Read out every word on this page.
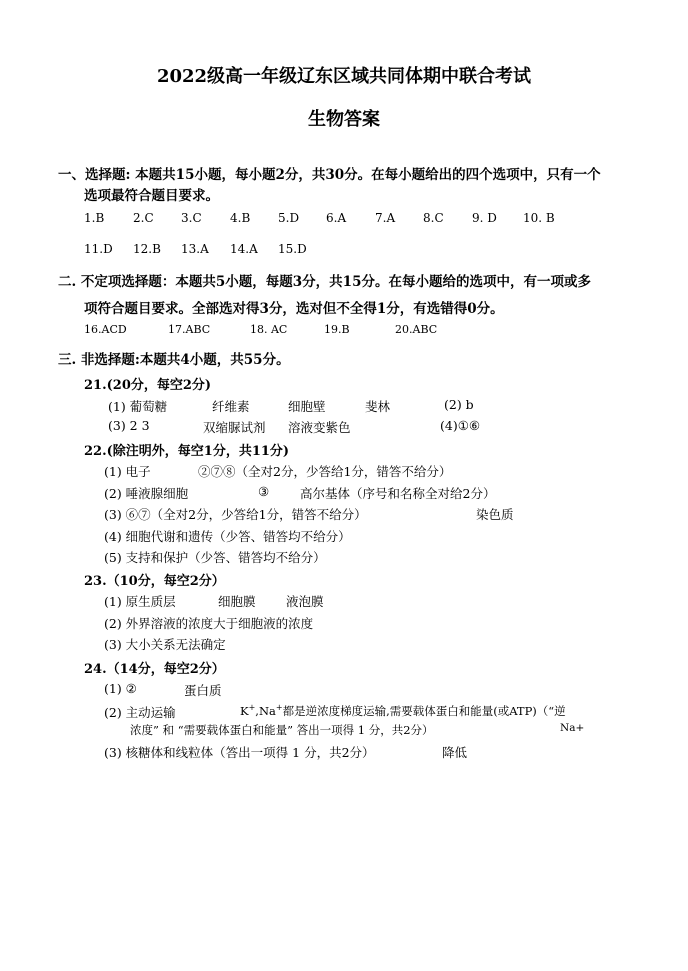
2022级高一年级辽东区域共同体期中联合考试
生物答案
一、选择题: 本题共15小题，每小题2分，共30分。在每小题给出的四个选项中，只有一个
选项最符合题目要求。
1.B 2.C 3.C 4.B 5.D 6.A 7.A 8.C 9. D 10. B
11.D 12.B 13.A 14.A 15.D
二. 不定项选择题：本题共5小题，每题3分，共15分。在每小题给的选项中，有一项或多
项符合题目要求。全部选对得3分，选对但不全得1分，有选错得0分。
16.ACD	17.ABC	18. AC	19.B	20.ABC
三. 非选择题:本题共4小题，共55分。
21.(20分，每空2分)
(1) 葡萄糖	纤维素	细胞壁	斐林	(2) b
(3) 2 3	双缩脲试剂 溶液变紫色	(4)①⑥
22.(除注明外，每空1分，共11分)
(1) 电子	②⑦⑧（全对2分，少答给1分，错答不给分）
(2) 唾液腺细胞	③ 高尔基体（序号和名称全对给2分）
(3) ⑥⑦（全对2分，少答给1分，错答不给分）	染色质
(4) 细胞代谢和遗传（少答、错答均不给分）
(5) 支持和保护（少答、错答均不给分）
23.（10分，每空2分）
(1) 原生质层	细胞膜 液泡膜
(2) 外界溶液的浓度大于细胞液的浓度
(3) 大小关系无法确定
24.（14分，每空2分）
(1) ②	蛋白质
(2) 主动运输	K+,Na+都是逆浓度梯度运输,需要载体蛋白和能量(或ATP)（“逆
浓度” 和 “需要载体蛋白和能量” 答出一项得 1 分，共2分）	Na+
(3) 核糖体和线粒体（答出一项得 1 分，共2分）	降低
